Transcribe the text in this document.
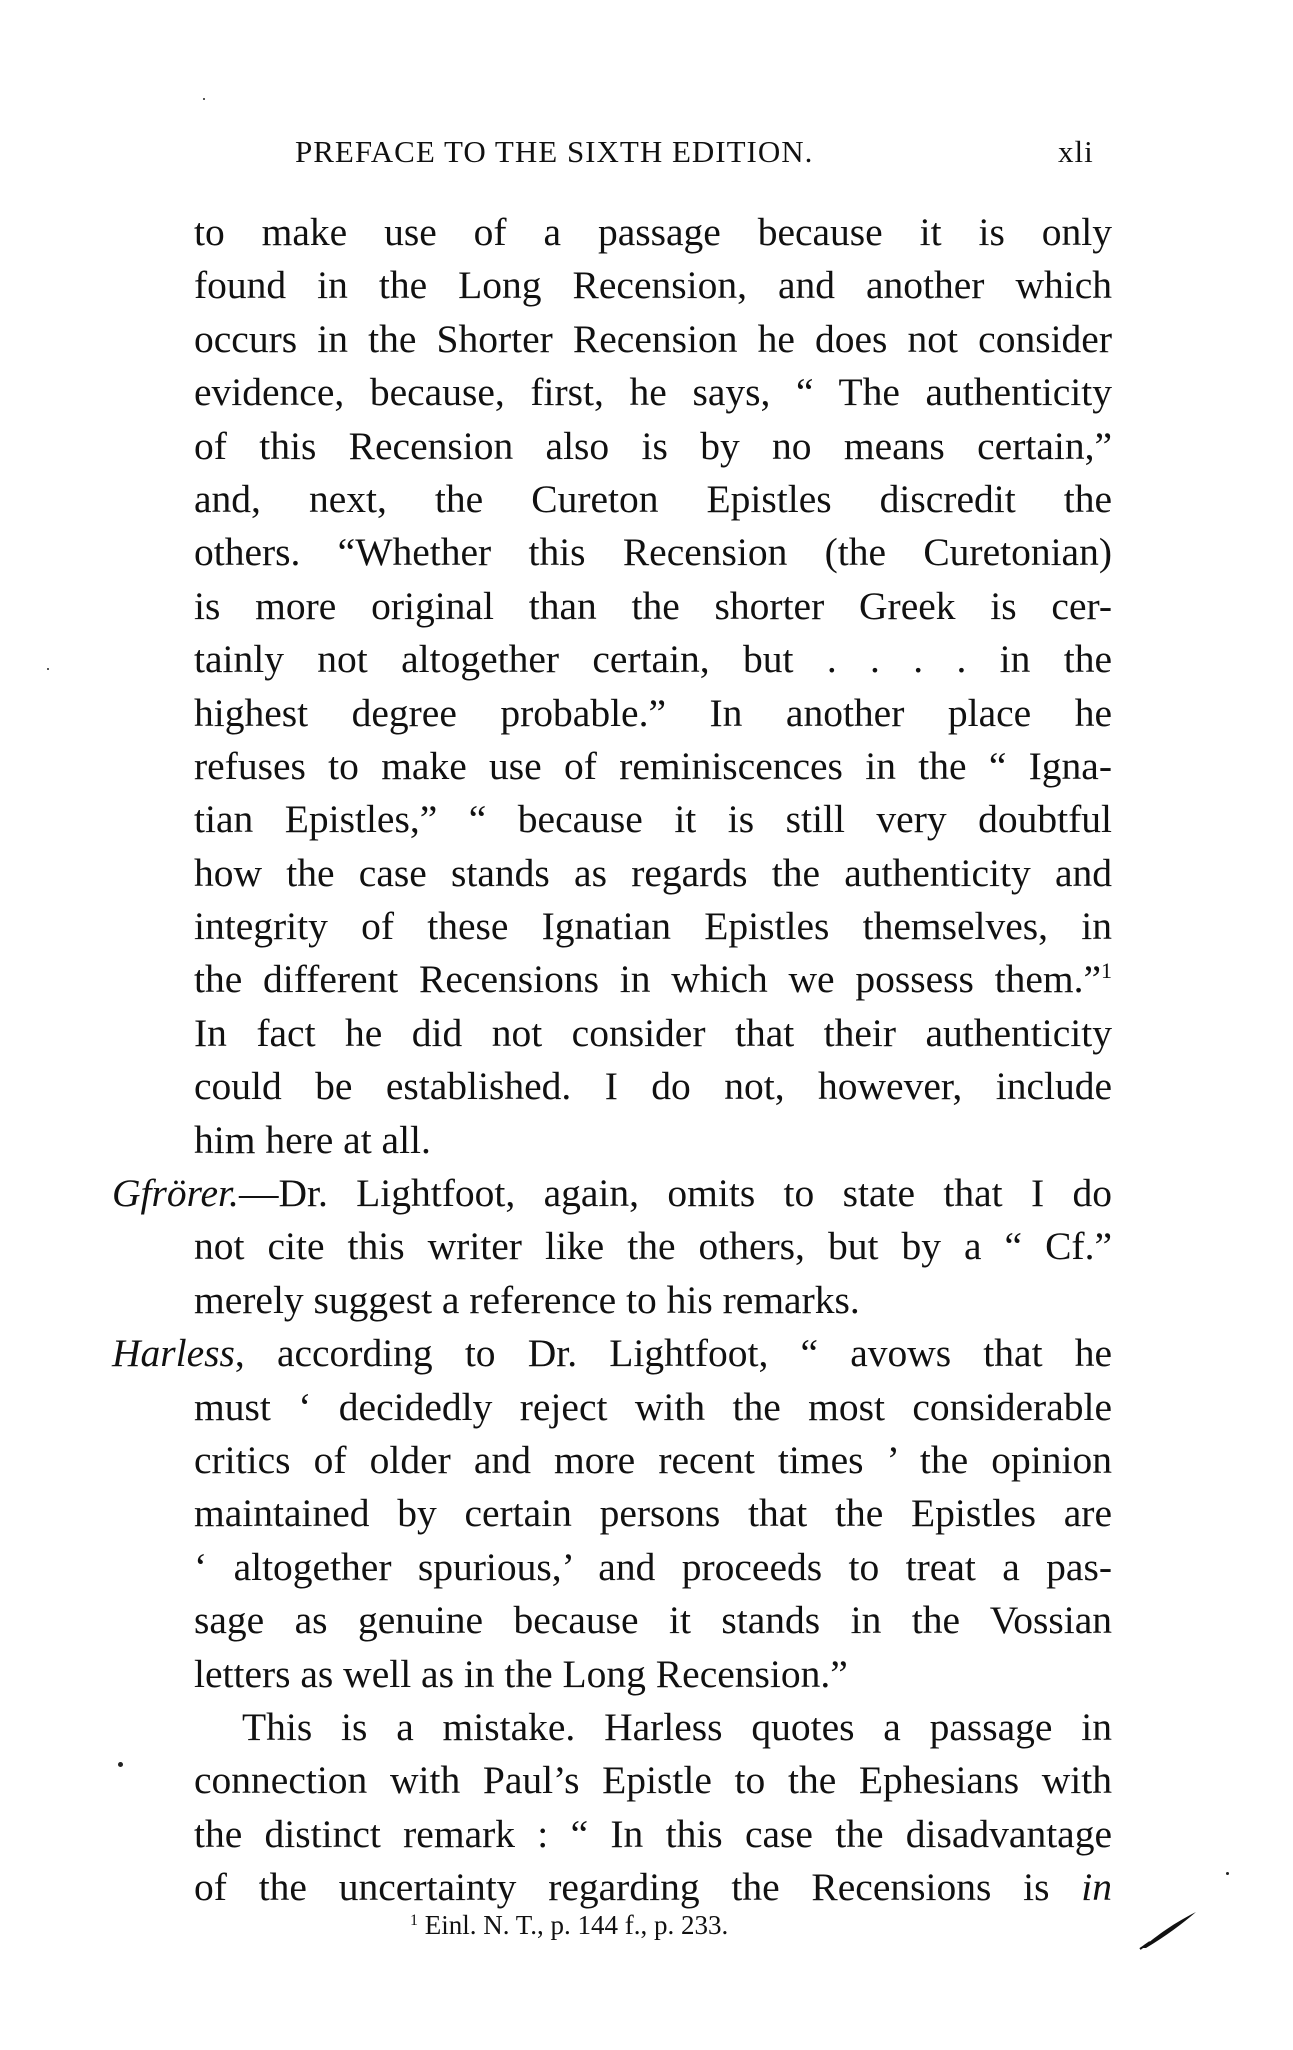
PREFACE TO THE SIXTH EDITION.	xli
to make use of a passage because it is only
found in the Long Recension, and another which
occurs in the Shorter Recension he does not consider
evidence, because, first, he says, “ The authenticity
of this Recension also is by no means certain,”
and, next, the Cureton Epistles discredit the
others. “Whether this Recension (the Curetonian)
is more original than the shorter Greek is cer-
tainly not altogether certain, but . . . . in the
highest degree probable.” In another place he
refuses to make use of reminiscences in the “ Igna-
tian Epistles,” “ because it is still very doubtful
how the case stands as regards the authenticity and
integrity of these Ignatian Epistles themselves, in
the different Recensions in which we possess them.”$^1$
In fact he did not consider that their authenticity
could be established. I do not, however, include
him here at all.
Gfrörer.—Dr. Lightfoot, again, omits to state that I do
not cite this writer like the others, but by a “ Cf.”
merely suggest a reference to his remarks.
Harless, according to Dr. Lightfoot, “ avows that he
must ‘ decidedly reject with the most considerable
critics of older and more recent times ’ the opinion
maintained by certain persons that the Epistles are
‘ altogether spurious,’ and proceeds to treat a pas-
sage as genuine because it stands in the Vossian
letters as well as in the Long Recension.”
This is a mistake. Harless quotes a passage in
connection with Paul’s Epistle to the Ephesians with
the distinct remark : “ In this case the disadvantage
of the uncertainty regarding the Recensions is in
$^1$ Einl. N. T., p. 144 f., p. 233.
